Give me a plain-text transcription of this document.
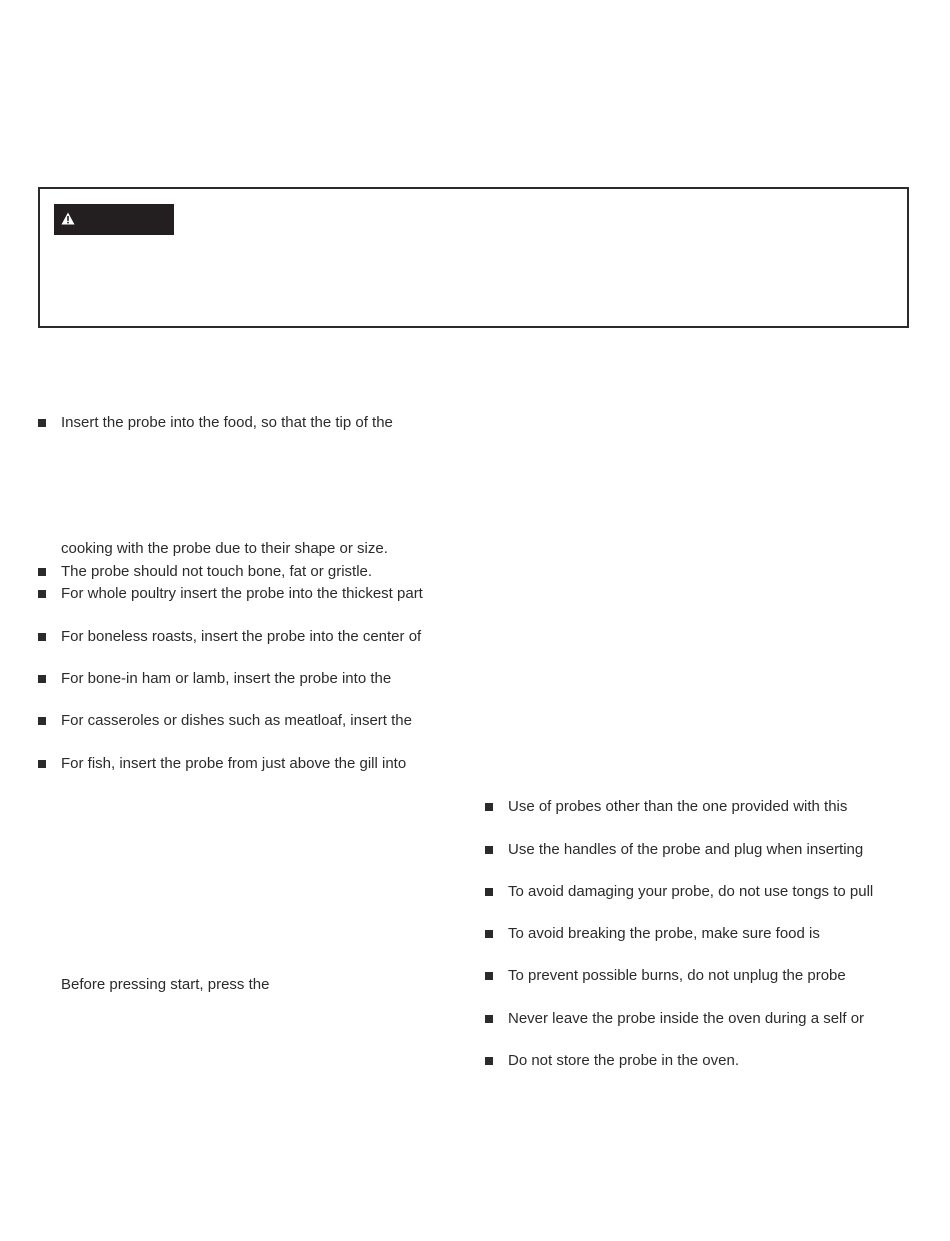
Insert the probe into the food, so that the tip of the
cooking with the probe due to their shape or size.
The probe should not touch bone, fat or gristle.
For whole poultry insert the probe into the thickest part
For boneless roasts, insert the probe into the center of
For bone-in ham or lamb, insert the probe into the
For casseroles or dishes such as meatloaf, insert the
For fish, insert the probe from just above the gill into
Before pressing start, press the
Use of probes other than the one provided with this
Use the handles of the probe and plug when inserting
To avoid damaging your probe, do not use tongs to pull
To avoid breaking the probe, make sure food is
To prevent possible burns, do not unplug the probe
Never leave the probe inside the oven during a self or
Do not store the probe in the oven.
